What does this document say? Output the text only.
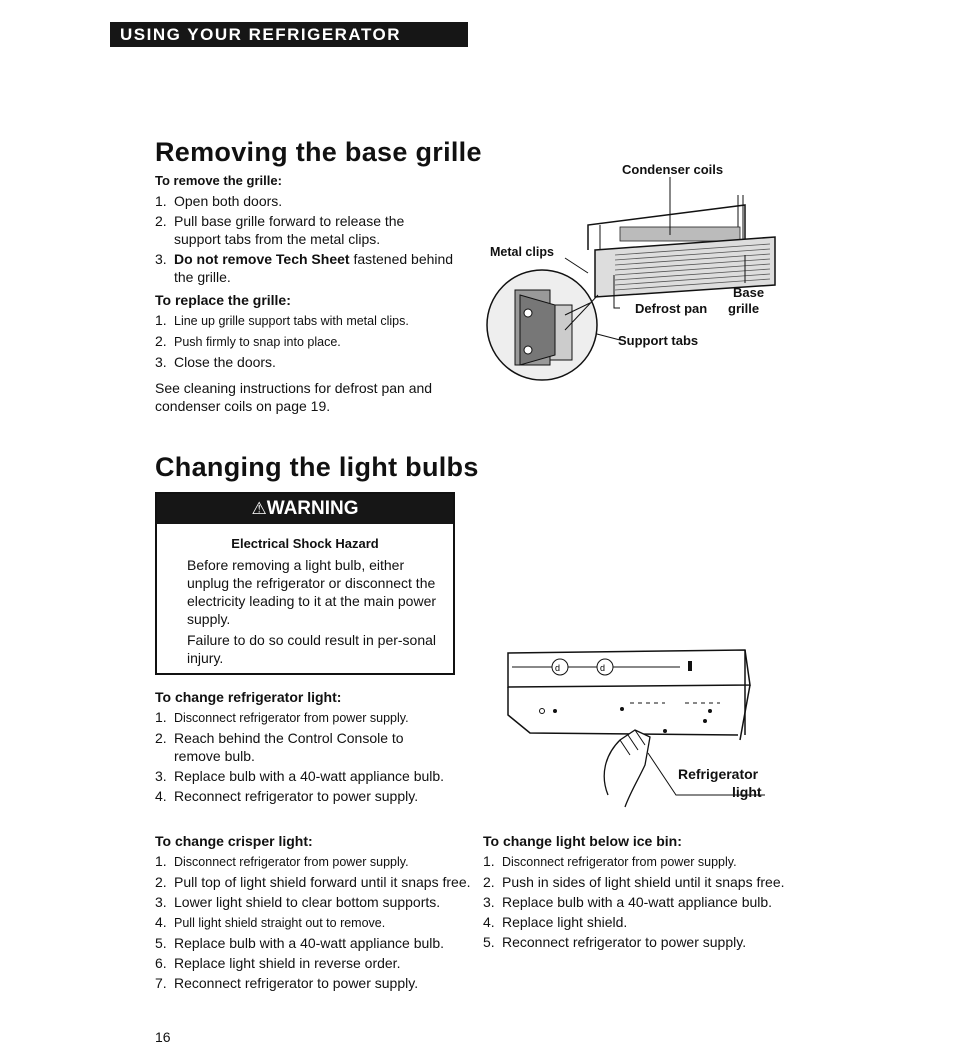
USING YOUR REFRIGERATOR
Removing the base grille

To remove the grille:

1. Open both doors.
2. Pull base grille forward to release the support tabs from the metal clips.
3. Do not remove Tech Sheet fastened behind the grille.

To replace the grille:

1. Line up grille support tabs with metal clips.
2. Push firmly to snap into place.
3. Close the doors.

See cleaning instructions for defrost pan and condenser coils on page 19.

Condenser coils
Metal clips
Base
grille
Defrost pan
Support tabs
Changing the light bulbs
⚠WARNING
Electrical Shock Hazard

Before removing a light bulb, either unplug the refrigerator or disconnect the electricity leading to it at the main power supply.

Failure to do so could result in per-sonal injury.

To change refrigerator light:

1. Disconnect refrigerator from power supply.
2. Reach behind the Control Console to remove bulb.
3. Replace bulb with a 40-watt appliance bulb.
4. Reconnect refrigerator to power supply.
d	d
Refrigerator
light

To change crisper light:

1. Disconnect refrigerator from power supply.
2. Pull top of light shield forward until it snaps free.
3. Lower light shield to clear bottom supports.
4. Pull light shield straight out to remove.
5. Replace bulb with a 40-watt appliance bulb.
6. Replace light shield in reverse order.
7. Reconnect refrigerator to power supply.

To change light below ice bin:

1. Disconnect refrigerator from power supply.
2. Push in sides of light shield until it snaps free.
3. Replace bulb with a 40-watt appliance bulb.
4. Replace light shield.
5. Reconnect refrigerator to power supply.
16
